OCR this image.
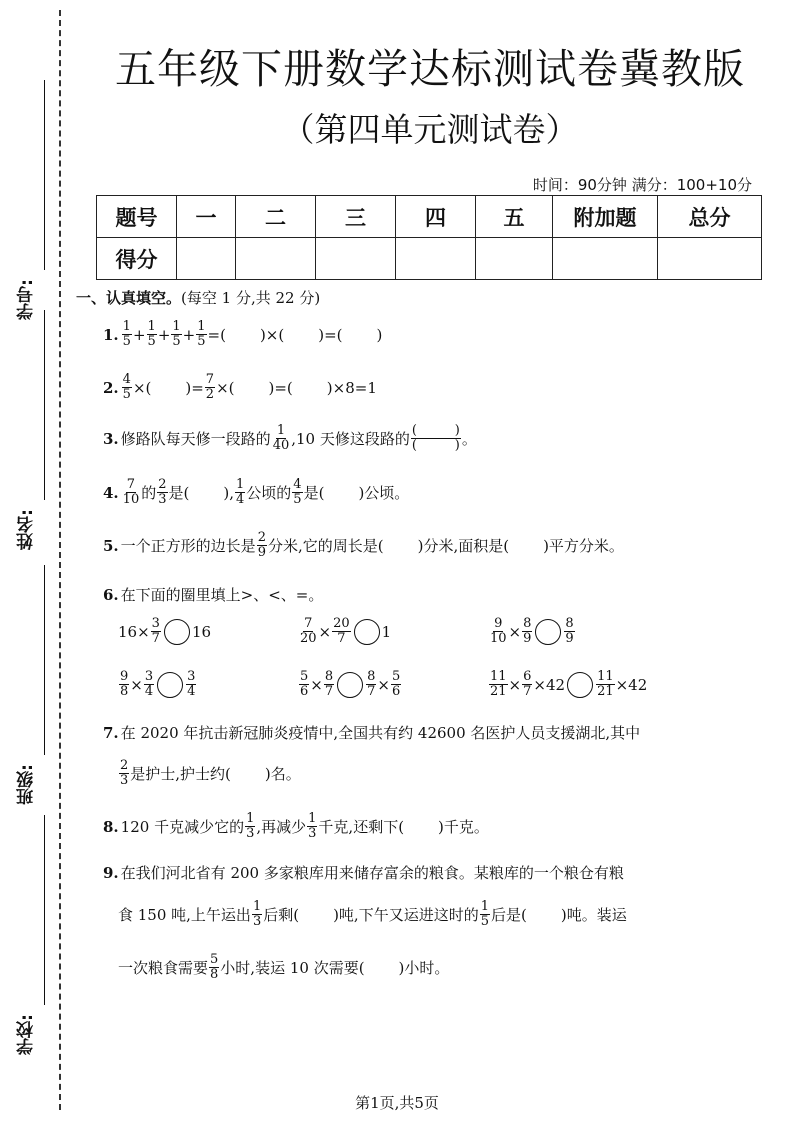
学号:
姓名:
班级:
学校:
五年级下册数学达标测试卷冀教版
（第四单元测试卷）
时间：90分钟 满分：100+10分
题号	一	二	三	四	五	附加题	总分
得分							
一、认真填空。(每空 1 分,共 22 分)
1. $\frac{1}{5} + \frac{1}{5} + \frac{1}{5} + \frac{1}{5}$ =( )×( )=( )
2. $\frac{4}{5}$ ×( )= $\frac{7}{2}$ ×( )=( )×8=1
3. 修路队每天修一段路的 $\frac{1}{40} ,10$ 天修这段路的 (	)
(	) 。
4. $\frac{7}{10}$ 的 $\frac{2}{3}$ 是( ), $\frac{1}{4}$ 公顷的 $\frac{4}{5}$ 是( )公顷。
5. 一个正方形的边长是 $\frac{2}{9}$ 分米,它的周长是( )分米,面积是( )平方分米。
6. 在下面的圈里填上>、<、=。
$16\times \frac{3}{7} 16$	$\frac{7}{20} \times \frac{20}{7} 1$	$\frac{9}{10} \times \frac{8}{9} \frac{8}{9}$
$\frac{9}{8} \times \frac{3}{4} \frac{3}{4}$	$\frac{5}{6} \times \frac{8}{7} \frac{8}{7} \times \frac{5}{6}$	$\frac{11}{21} \times \frac{6}{7} \times 42 \frac{11}{21} \times 42$
7. 在 2020 年抗击新冠肺炎疫情中,全国共有约 42600 名医护人员支援湖北,其中
$\frac{2}{3}$ 是护士,护士约( )名。
8. 120 千克减少它的 $\frac{1}{3}$ ,再减少 $\frac{1}{3}$ 千克,还剩下( )千克。
9. 在我们河北省有 200 多家粮库用来储存富余的粮食。某粮库的一个粮仓有粮
食 150 吨,上午运出 $\frac{1}{3}$ 后剩( )吨,下午又运进这时的 $\frac{1}{5}$ 后是( )吨。装运
一次粮食需要 $\frac{5}{8}$ 小时,装运 10 次需要( )小时。
第1页,共5页
